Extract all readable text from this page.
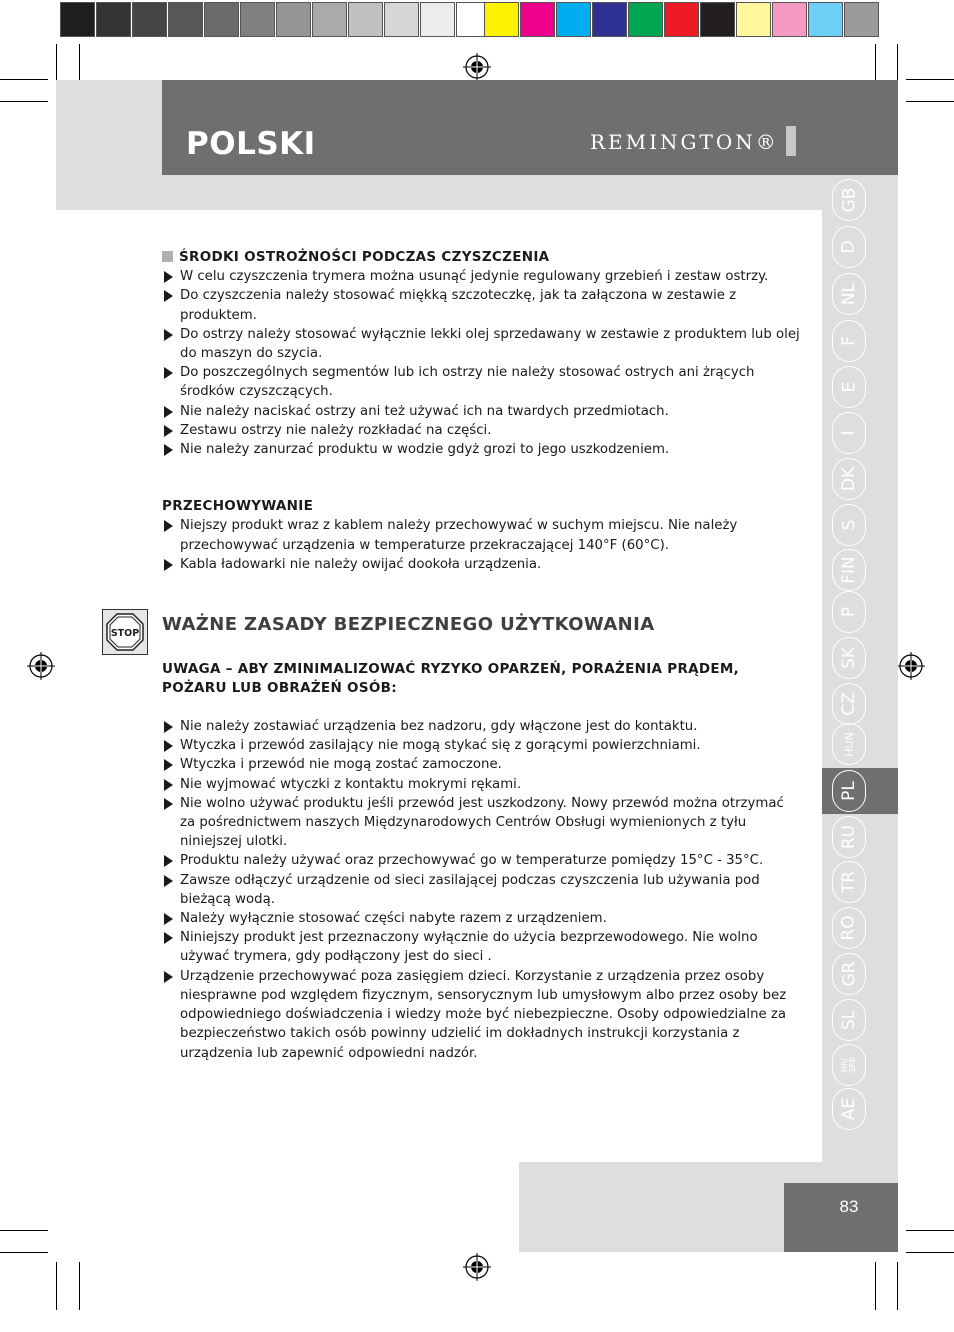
POLSKI	REMINGTON®
GB
D
NL
F
E
I
DK
S
FIN
P
SK
CZ
HUN
PL
RU
TR
RO
GR
SL
HR/
SRB
AE

ŚRODKI OSTROŻNOŚCI PODCZAS CZYSZCZENIA

W celu czyszczenia trymera można usunąć jedynie regulowany grzebień i zestaw ostrzy.
Do czyszczenia należy stosować miękką szczoteczkę, jak ta załączona w zestawie z produktem.
Do ostrzy należy stosować wyłącznie lekki olej sprzedawany w zestawie z produktem lub olej do maszyn do szycia.
Do poszczególnych segmentów lub ich ostrzy nie należy stosować ostrych ani żrących środków czyszczących.
Nie należy naciskać ostrzy ani też używać ich na twardych przedmiotach.
Zestawu ostrzy nie należy rozkładać na części.
Nie należy zanurzać produktu w wodzie gdyż grozi to jego uszkodzeniem.

PRZECHOWYWANIE

Niejszy produkt wraz z kablem należy przechowywać w suchym miejscu. Nie należy przechowywać urządzenia w temperaturze przekraczającej 140°F (60°C).
Kabla ładowarki nie należy owijać dookoła urządzenia.

WAŻNE ZASADY BEZPIECZNEGO UŻYTKOWANIA

UWAGA – ABY ZMINIMALIZOWAĆ RYZYKO OPARZEŃ, PORAŻENIA PRĄDEM, POŻARU LUB OBRAŻEŃ OSÓB:

Nie należy zostawiać urządzenia bez nadzoru, gdy włączone jest do kontaktu.
Wtyczka i przewód zasilający nie mogą stykać się z gorącymi powierzchniami.
Wtyczka i przewód nie mogą zostać zamoczone.
Nie wyjmować wtyczki z kontaktu mokrymi rękami.
Nie wolno używać produktu jeśli przewód jest uszkodzony. Nowy przewód można otrzymać za pośrednictwem naszych Międzynarodowych Centrów Obsługi wymienionych z tyłu niniejszej ulotki.
Produktu należy używać oraz przechowywać go w temperaturze pomiędzy 15°C - 35°C.
Zawsze odłączyć urządzenie od sieci zasilającej podczas czyszczenia lub używania pod bieżącą wodą.
Należy wyłącznie stosować części nabyte razem z urządzeniem.
Niniejszy produkt jest przeznaczony wyłącznie do użycia bezprzewodowego. Nie wolno używać trymera, gdy podłączony jest do sieci .
Urządzenie przechowywać poza zasięgiem dzieci. Korzystanie z urządzenia przez osoby niesprawne pod względem fizycznym, sensorycznym lub umysłowym albo przez osoby bez odpowiedniego doświadczenia i wiedzy może być niebezpieczne. Osoby odpowiedzialne za bezpieczeństwo takich osób powinny udzielić im dokładnych instrukcji korzystania z urządzenia lub zapewnić odpowiedni nadzór.
STOP
83
